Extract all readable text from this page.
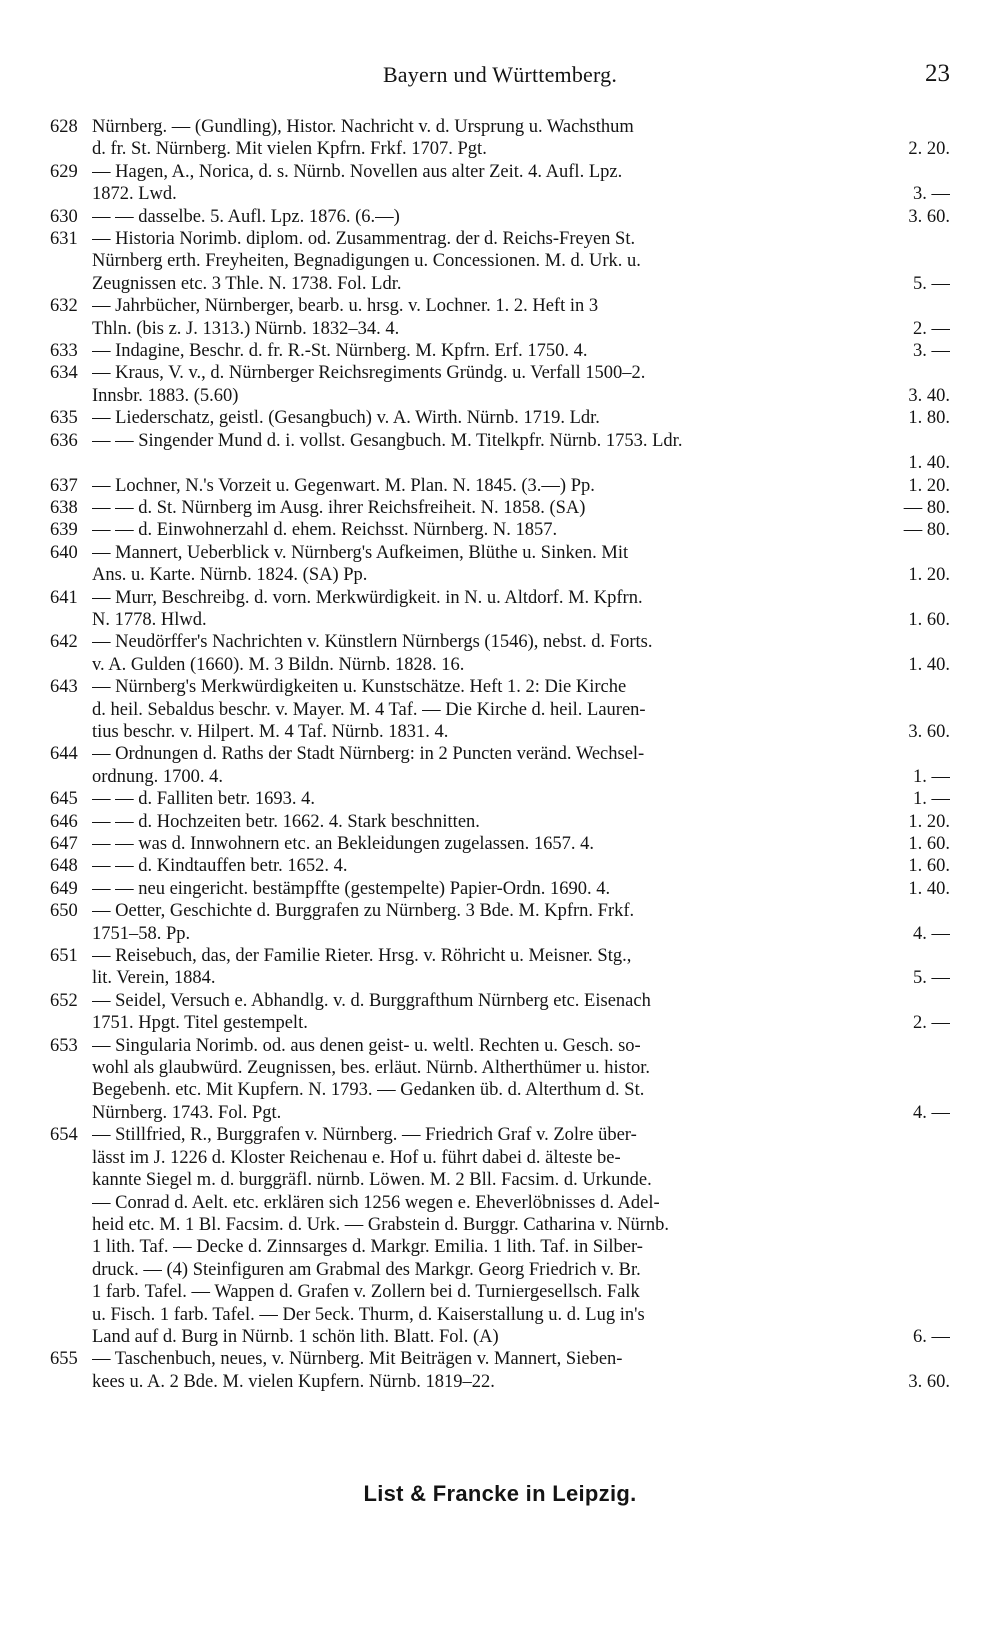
Bayern und Württemberg.	23
628 Nürnberg. — (Gundling), Histor. Nachricht v. d. Ursprung u. Wachsthum
d. fr. St. Nürnberg. Mit vielen Kpfrn. Frkf. 1707. Pgt.	2. 20.
629 — Hagen, A., Norica, d. s. Nürnb. Novellen aus alter Zeit. 4. Aufl. Lpz.
1872. Lwd.	3. —
630 — — dasselbe. 5. Aufl. Lpz. 1876. (6.—)	3. 60.
631 — Historia Norimb. diplom. od. Zusammentrag. der d. Reichs-Freyen St.
Nürnberg erth. Freyheiten, Begnadigungen u. Concessionen. M. d. Urk. u.
Zeugnissen etc. 3 Thle. N. 1738. Fol. Ldr.	5. —
632 — Jahrbücher, Nürnberger, bearb. u. hrsg. v. Lochner. 1. 2. Heft in 3
Thln. (bis z. J. 1313.) Nürnb. 1832–34. 4.	2. —
633 — Indagine, Beschr. d. fr. R.-St. Nürnberg. M. Kpfrn. Erf. 1750. 4.	3. —
634 — Kraus, V. v., d. Nürnberger Reichsregiments Gründg. u. Verfall 1500–2.
Innsbr. 1883. (5.60)	3. 40.
635 — Liederschatz, geistl. (Gesangbuch) v. A. Wirth. Nürnb. 1719. Ldr.	1. 80.
636 — — Singender Mund d. i. vollst. Gesangbuch. M. Titelkpfr. Nürnb. 1753. Ldr.
1. 40.
637 — Lochner, N.'s Vorzeit u. Gegenwart. M. Plan. N. 1845. (3.—) Pp.	1. 20.
638 — — d. St. Nürnberg im Ausg. ihrer Reichsfreiheit. N. 1858. (SA)	— 80.
639 — — d. Einwohnerzahl d. ehem. Reichsst. Nürnberg. N. 1857.	— 80.
640 — Mannert, Ueberblick v. Nürnberg's Aufkeimen, Blüthe u. Sinken. Mit
Ans. u. Karte. Nürnb. 1824. (SA) Pp.	1. 20.
641 — Murr, Beschreibg. d. vorn. Merkwürdigkeit. in N. u. Altdorf. M. Kpfrn.
N. 1778. Hlwd.	1. 60.
642 — Neudörffer's Nachrichten v. Künstlern Nürnbergs (1546), nebst. d. Forts.
v. A. Gulden (1660). M. 3 Bildn. Nürnb. 1828. 16.	1. 40.
643 — Nürnberg's Merkwürdigkeiten u. Kunstschätze. Heft 1. 2: Die Kirche
d. heil. Sebaldus beschr. v. Mayer. M. 4 Taf. — Die Kirche d. heil. Lauren-
tius beschr. v. Hilpert. M. 4 Taf. Nürnb. 1831. 4.	3. 60.
644 — Ordnungen d. Raths der Stadt Nürnberg: in 2 Puncten veränd. Wechsel-
ordnung. 1700. 4.	1. —
645 — — d. Falliten betr. 1693. 4.	1. —
646 — — d. Hochzeiten betr. 1662. 4. Stark beschnitten.	1. 20.
647 — — was d. Innwohnern etc. an Bekleidungen zugelassen. 1657. 4.	1. 60.
648 — — d. Kindtauffen betr. 1652. 4.	1. 60.
649 — — neu eingericht. bestämpffte (gestempelte) Papier-Ordn. 1690. 4.	1. 40.
650 — Oetter, Geschichte d. Burggrafen zu Nürnberg. 3 Bde. M. Kpfrn. Frkf.
1751–58. Pp.	4. —
651 — Reisebuch, das, der Familie Rieter. Hrsg. v. Röhricht u. Meisner. Stg.,
lit. Verein, 1884.	5. —
652 — Seidel, Versuch e. Abhandlg. v. d. Burggrafthum Nürnberg etc. Eisenach
1751. Hpgt. Titel gestempelt.	2. —
653 — Singularia Norimb. od. aus denen geist- u. weltl. Rechten u. Gesch. so-
wohl als glaubwürd. Zeugnissen, bes. erläut. Nürnb. Altherthümer u. histor.
Begebenh. etc. Mit Kupfern. N. 1793. — Gedanken üb. d. Alterthum d. St.
Nürnberg. 1743. Fol. Pgt.	4. —
654 — Stillfried, R., Burggrafen v. Nürnberg. — Friedrich Graf v. Zolre über-
lässt im J. 1226 d. Kloster Reichenau e. Hof u. führt dabei d. älteste be-
kannte Siegel m. d. burggräfl. nürnb. Löwen. M. 2 Bll. Facsim. d. Urkunde.
— Conrad d. Aelt. etc. erklären sich 1256 wegen e. Eheverlöbnisses d. Adel-
heid etc. M. 1 Bl. Facsim. d. Urk. — Grabstein d. Burggr. Catharina v. Nürnb.
1 lith. Taf. — Decke d. Zinnsarges d. Markgr. Emilia. 1 lith. Taf. in Silber-
druck. — (4) Steinfiguren am Grabmal des Markgr. Georg Friedrich v. Br.
1 farb. Tafel. — Wappen d. Grafen v. Zollern bei d. Turniergesellsch. Falk
u. Fisch. 1 farb. Tafel. — Der 5eck. Thurm, d. Kaiserstallung u. d. Lug in's
Land auf d. Burg in Nürnb. 1 schön lith. Blatt. Fol. (A)	6. —
655 — Taschenbuch, neues, v. Nürnberg. Mit Beiträgen v. Mannert, Sieben-
kees u. A. 2 Bde. M. vielen Kupfern. Nürnb. 1819–22.	3. 60.
List & Francke in Leipzig.
